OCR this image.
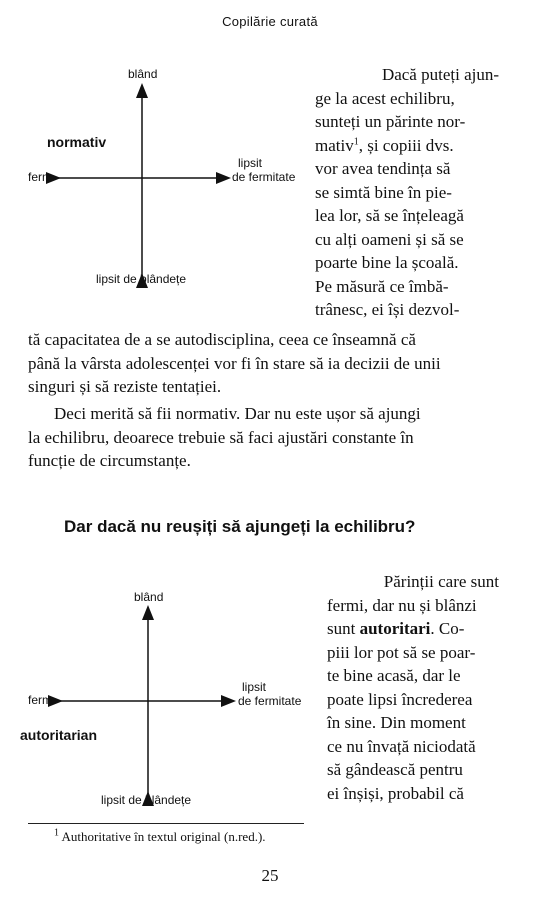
Copilărie curată
blând
lipsit de blândețe
ferm
lipsit
de fermitate
normativ
Dacă puteți ajun-
ge la acest echilibru,
sunteți un părinte nor-
mativ$^1$, și copiii dvs.
vor avea tendința să
se simtă bine în pie-
lea lor, să se înțeleagă
cu alți oameni și să se
poarte bine la școală.
Pe măsură ce îmbă-
trânesc, ei își dezvol-
tă capacitatea de a se autodisciplina, ceea ce înseamnă că
până la vârsta adolescenței vor fi în stare să ia decizii de unii
singuri și să reziste tentației.
Deci merită să fii normativ. Dar nu este ușor să ajungi
la echilibru, deoarece trebuie să faci ajustări constante în
funcție de circumstanțe.
Dar dacă nu reușiți să ajungeți la echilibru?
blând
lipsit de blândețe
ferm
lipsit
de fermitate
autoritarian
Părinții care sunt
fermi, dar nu și blânzi
sunt autoritari. Co-
piii lor pot să se poar-
te bine acasă, dar le
poate lipsi încrederea
în sine. Din moment
ce nu învață niciodată
să gândească pentru
ei înșiși, probabil că
$^1$ Authoritative în textul original (n.red.).
25
